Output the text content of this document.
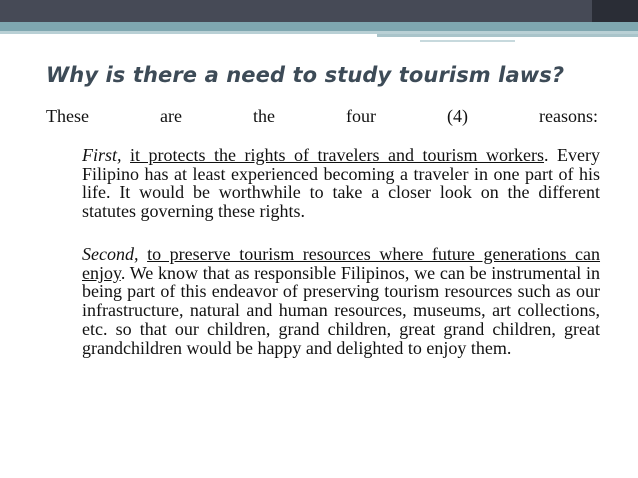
Why is there a need to study tourism laws?

These	are	the	four	(4)	reasons:

First, it protects the rights of travelers and tourism workers. Every Filipino has at least experienced becoming a traveler in one part of his life. It would be worthwhile to take a closer look on the different statutes governing these rights.

Second, to preserve tourism resources where future generations can enjoy. We know that as responsible Filipinos, we can be instrumental in being part of this endeavor of preserving tourism resources such as our infrastructure, natural and human resources, museums, art collections, etc. so that our children, grand children, great grand children, great grandchildren would be happy and delighted to enjoy them.
